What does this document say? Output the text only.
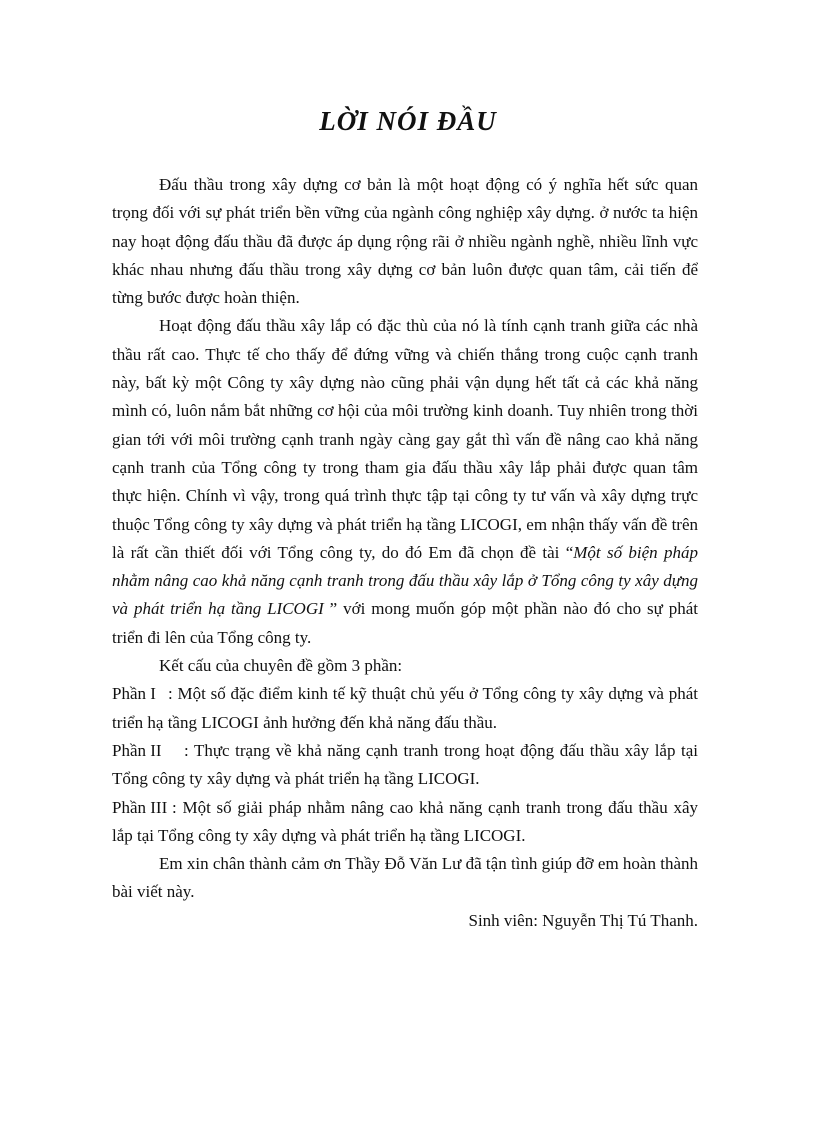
LỜI NÓI ĐẦU

Đấu thầu trong xây dựng cơ bản là một hoạt động có ý nghĩa hết sức quan trọng đối với sự phát triển bền vững của ngành công nghiệp xây dựng. ở nước ta hiện nay hoạt động đấu thầu đã được áp dụng rộng rãi ở nhiều ngành nghề, nhiều lĩnh vực khác nhau nhưng đấu thầu trong xây dựng cơ bản luôn được quan tâm, cải tiến để từng bước được hoàn thiện.

Hoạt động đấu thầu xây lắp có đặc thù của nó là tính cạnh tranh giữa các nhà thầu rất cao. Thực tế cho thấy để đứng vững và chiến thắng trong cuộc cạnh tranh này, bất kỳ một Công ty xây dựng nào cũng phải vận dụng hết tất cả các khả năng mình có, luôn nắm bắt những cơ hội của môi trường kinh doanh. Tuy nhiên trong thời gian tới với môi trường cạnh tranh ngày càng gay gắt thì vấn đề nâng cao khả năng cạnh tranh của Tổng công ty trong tham gia đấu thầu xây lắp phải được quan tâm thực hiện. Chính vì vậy, trong quá trình thực tập tại công ty tư vấn và xây dựng trực thuộc Tổng công ty xây dựng và phát triển hạ tầng LICOGI, em nhận thấy vấn đề trên là rất cần thiết đối với Tổng công ty, do đó Em đã chọn đề tài “Một số biện pháp nhằm nâng cao khả năng cạnh tranh trong đấu thầu xây lắp ở Tổng công ty xây dựng và phát triển hạ tầng LICOGI ” với mong muốn góp một phần nào đó cho sự phát triển đi lên của Tổng công ty.

Kết cấu của chuyên đề gồm 3 phần:

Phần I : Một số đặc điểm kinh tế kỹ thuật chủ yếu ở Tổng công ty xây dựng và phát triển hạ tầng LICOGI ảnh hưởng đến khả năng đấu thầu.

Phần II : Thực trạng về khả năng cạnh tranh trong hoạt động đấu thầu xây lắp tại Tổng công ty xây dựng và phát triển hạ tầng LICOGI.

Phần III : Một số giải pháp nhằm nâng cao khả năng cạnh tranh trong đấu thầu xây lắp tại Tổng công ty xây dựng và phát triển hạ tầng LICOGI.

Em xin chân thành cảm ơn Thầy Đỗ Văn Lư đã tận tình giúp đỡ em hoàn thành bài viết này.

Sinh viên: Nguyễn Thị Tú Thanh.
